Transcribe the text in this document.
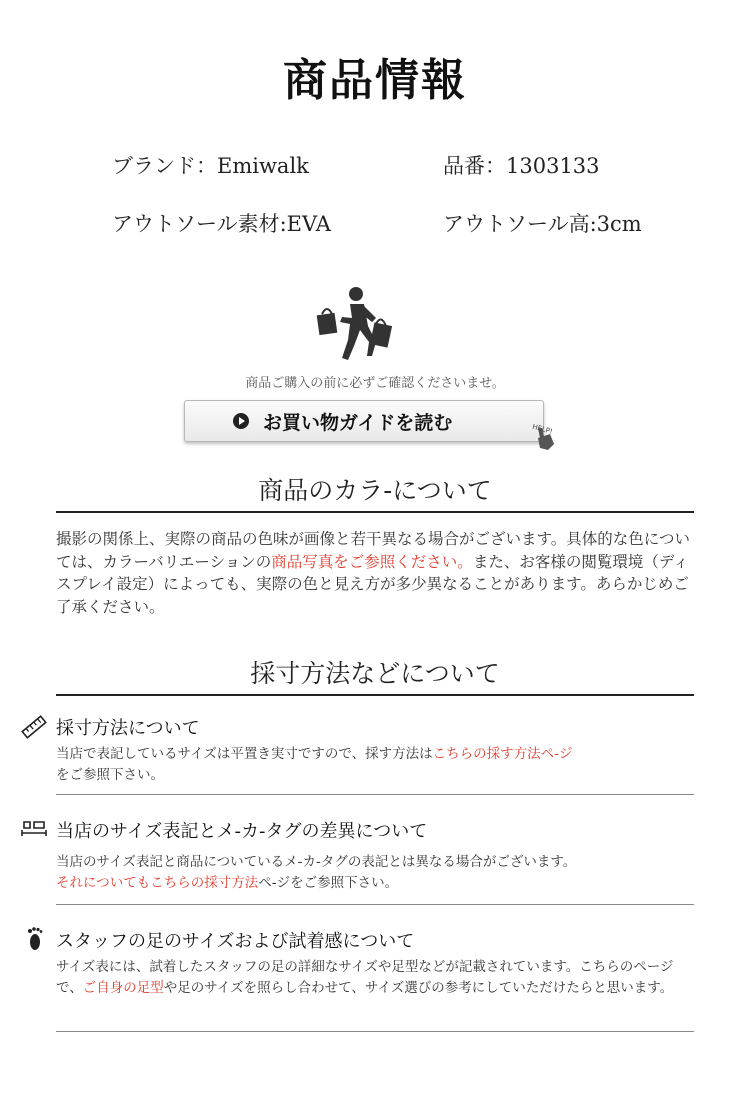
商品情報
ブランド：Emiwalk	品番：1303133
アウトソール素材:EVA	アウトソール高:3cm
商品ご購入の前に必ずご確認くださいませ。
お買い物ガイドを読む	HELP!
商品のカラ-について
撮影の関係上、実際の商品の色味が画像と若干異なる場合がございます。具体的な色については、カラーバリエーションの商品写真をご参照ください。また、お客様の閲覧環境（ディスプレイ設定）によっても、実際の色と見え方が多少異なることがあります。あらかじめご了承ください。
採寸方法などについて
採寸方法について
当店で表記しているサイズは平置き実寸ですので、採す方法はこちらの採す方法ペ-ジ
をご参照下さい。
当店のサイズ表記とメ-カ-タグの差異について
当店のサイズ表記と商品についているメ-カ-タグの表記とは異なる場合がございます。
それについてもこちらの採寸方法ペ-ジをご参照下さい。
スタッフの足のサイズおよび試着感について
サイズ表には、試着したスタッフの足の詳細なサイズや足型などが記載されています。こちらのページで、ご自身の足型や足のサイズを照らし合わせて、サイズ選びの参考にしていただけたらと思います。
